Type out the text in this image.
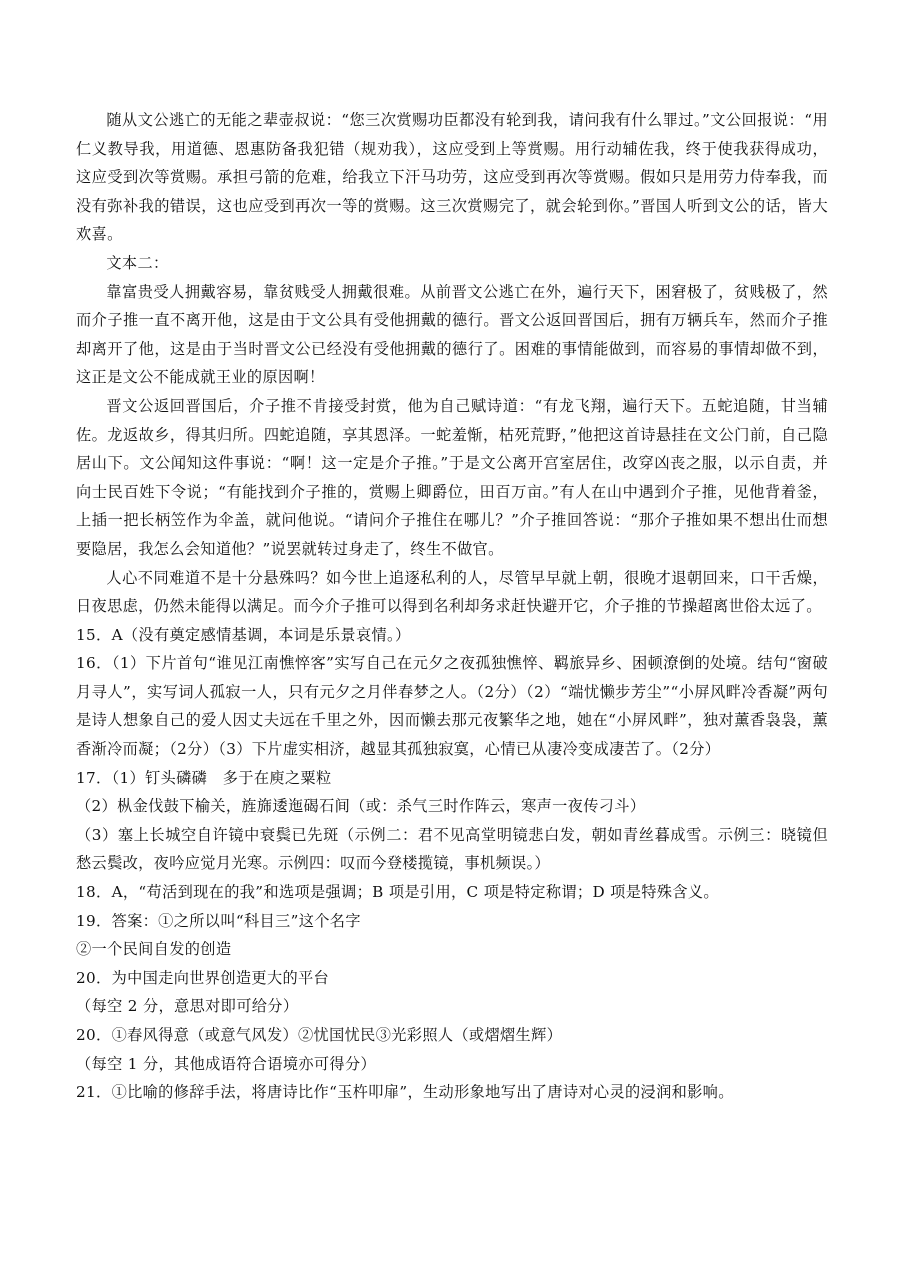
随从文公逃亡的无能之辈壶叔说：“您三次赏赐功臣都没有轮到我，请问我有什么罪过。”文公回报说：“用仁义教导我，用道德、恩惠防备我犯错（规劝我），这应受到上等赏赐。用行动辅佐我，终于使我获得成功，这应受到次等赏赐。承担弓箭的危难，给我立下汗马功劳，这应受到再次等赏赐。假如只是用劳力侍奉我，而没有弥补我的错误，这也应受到再次一等的赏赐。这三次赏赐完了，就会轮到你。”晋国人听到文公的话，皆大欢喜。

文本二：

靠富贵受人拥戴容易，靠贫贱受人拥戴很难。从前晋文公逃亡在外，遍行天下，困窘极了，贫贱极了，然而介子推一直不离开他，这是由于文公具有受他拥戴的德行。晋文公返回晋国后，拥有万辆兵车，然而介子推却离开了他，这是由于当时晋文公已经没有受他拥戴的德行了。困难的事情能做到，而容易的事情却做不到，这正是文公不能成就王业的原因啊！

晋文公返回晋国后，介子推不肯接受封赏，他为自己赋诗道：“有龙飞翔，遍行天下。五蛇追随，甘当辅佐。龙返故乡，得其归所。四蛇追随，享其恩泽。一蛇羞惭，枯死荒野，”他把这首诗悬挂在文公门前，自己隐居山下。文公闻知这件事说：“啊！这一定是介子推。”于是文公离开宫室居住，改穿凶丧之服，以示自责，并向士民百姓下令说；“有能找到介子推的，赏赐上卿爵位，田百万亩。”有人在山中遇到介子推，见他背着釜，上插一把长柄笠作为伞盖，就问他说。“请问介子推住在哪儿？”介子推回答说：“那介子推如果不想出仕而想要隐居，我怎么会知道他？”说罢就转过身走了，终生不做官。

人心不同难道不是十分悬殊吗？如今世上追逐私利的人，尽管早早就上朝，很晚才退朝回来，口干舌燥，日夜思虑，仍然未能得以满足。而今介子推可以得到名利却务求赶快避开它，介子推的节操超离世俗太远了。

15．A（没有奠定感情基调，本词是乐景哀情。）

16．（1）下片首句“谁见江南憔悴客”实写自己在元夕之夜孤独憔悴、羁旅异乡、困顿潦倒的处境。结句“窗破月寻人”，实写词人孤寂一人，只有元夕之月伴春梦之人。（2分）（2）“端忧懒步芳尘”“小屏风畔冷香凝”两句是诗人想象自己的爱人因丈夫远在千里之外，因而懒去那元夜繁华之地，她在“小屏风畔”，独对薰香袅袅，薰香渐冷而凝；（2分）（3）下片虚实相济，越显其孤独寂寞，心情已从凄冷变成凄苦了。（2分）

17．（1）钉头磷磷　多于在庾之粟粒

（2）枞金伐鼓下榆关，旌旆逶迤碣石间（或：杀气三时作阵云，寒声一夜传刁斗）

（3）塞上长城空自许镜中衰鬓已先斑（示例二：君不见高堂明镜悲白发，朝如青丝暮成雪。示例三：晓镜但愁云鬓改，夜吟应觉月光寒。示例四：叹而今登楼揽镜，事机频误。）

18．A，“苟活到现在的我”和选项是强调；B 项是引用，C 项是特定称谓；D 项是特殊含义。

19．答案：①之所以叫“科目三”这个名字

②一个民间自发的创造

20．为中国走向世界创造更大的平台

（每空 2 分，意思对即可给分）

20．①春风得意（或意气风发）②忧国忧民③光彩照人（或熠熠生辉）

（每空 1 分，其他成语符合语境亦可得分）

21．①比喻的修辞手法，将唐诗比作“玉杵叩扉”，生动形象地写出了唐诗对心灵的浸润和影响。
